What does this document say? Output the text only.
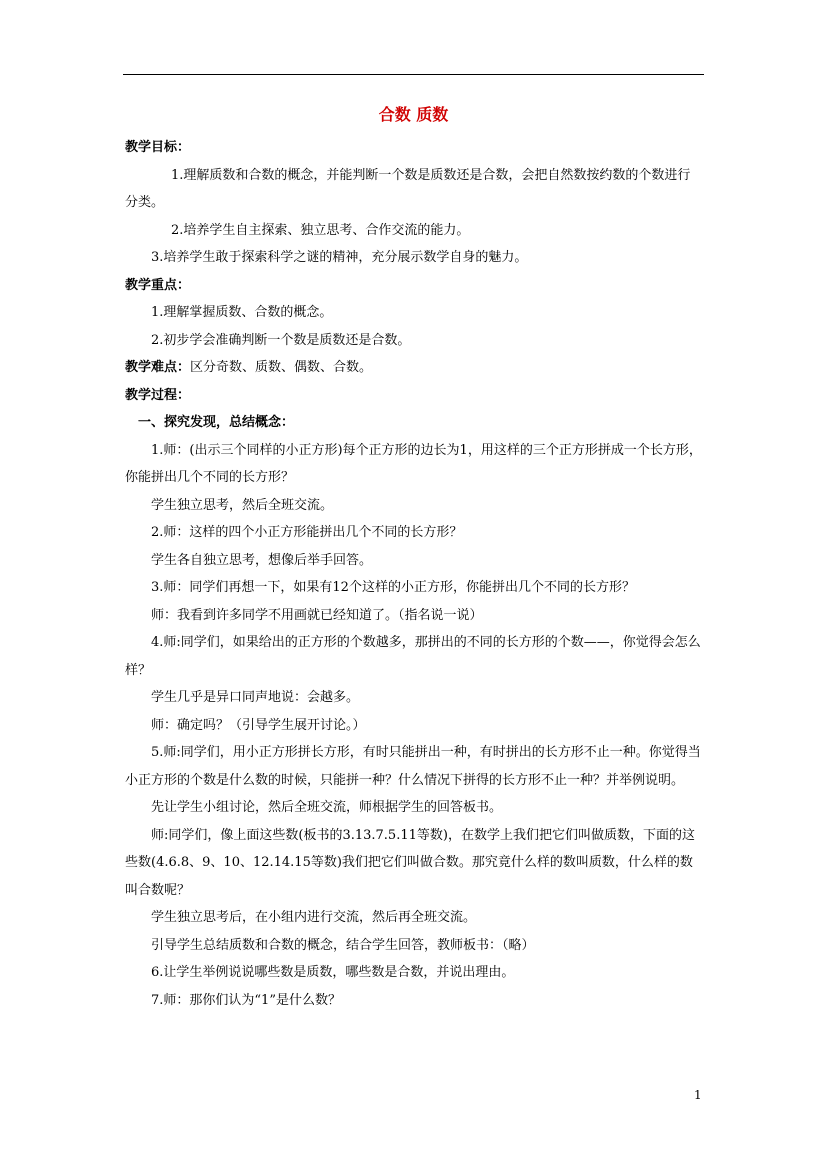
合数 质数

教学目标：

1.理解质数和合数的概念，并能判断一个数是质数还是合数，会把自然数按约数的个数进行分类。

2.培养学生自主探索、独立思考、合作交流的能力。

3.培养学生敢于探索科学之谜的精神，充分展示数学自身的魅力。

教学重点：

1.理解掌握质数、合数的概念。

2.初步学会准确判断一个数是质数还是合数。

教学难点：区分奇数、质数、偶数、合数。

教学过程：

一、探究发现，总结概念：

1.师：(出示三个同样的小正方形)每个正方形的边长为1，用这样的三个正方形拼成一个长方形，你能拼出几个不同的长方形？

学生独立思考，然后全班交流。

2.师：这样的四个小正方形能拼出几个不同的长方形？

学生各自独立思考，想像后举手回答。

3.师：同学们再想一下，如果有12个这样的小正方形，你能拼出几个不同的长方形？

师：我看到许多同学不用画就已经知道了。（指名说一说）

4.师:同学们，如果给出的正方形的个数越多，那拼出的不同的长方形的个数——，你觉得会怎么样？

学生几乎是异口同声地说：会越多。

师：确定吗？（引导学生展开讨论。）

5.师:同学们，用小正方形拼长方形，有时只能拼出一种，有时拼出的长方形不止一种。你觉得当小正方形的个数是什么数的时候，只能拼一种？什么情况下拼得的长方形不止一种？并举例说明。

先让学生小组讨论，然后全班交流，师根据学生的回答板书。

师:同学们，像上面这些数(板书的3.13.7.5.11等数)，在数学上我们把它们叫做质数，下面的这些数(4.6.8、9、10、12.14.15等数)我们把它们叫做合数。那究竟什么样的数叫质数，什么样的数叫合数呢？

学生独立思考后，在小组内进行交流，然后再全班交流。

引导学生总结质数和合数的概念，结合学生回答，教师板书：（略）

6.让学生举例说说哪些数是质数，哪些数是合数，并说出理由。

7.师：那你们认为“1”是什么数？

1
